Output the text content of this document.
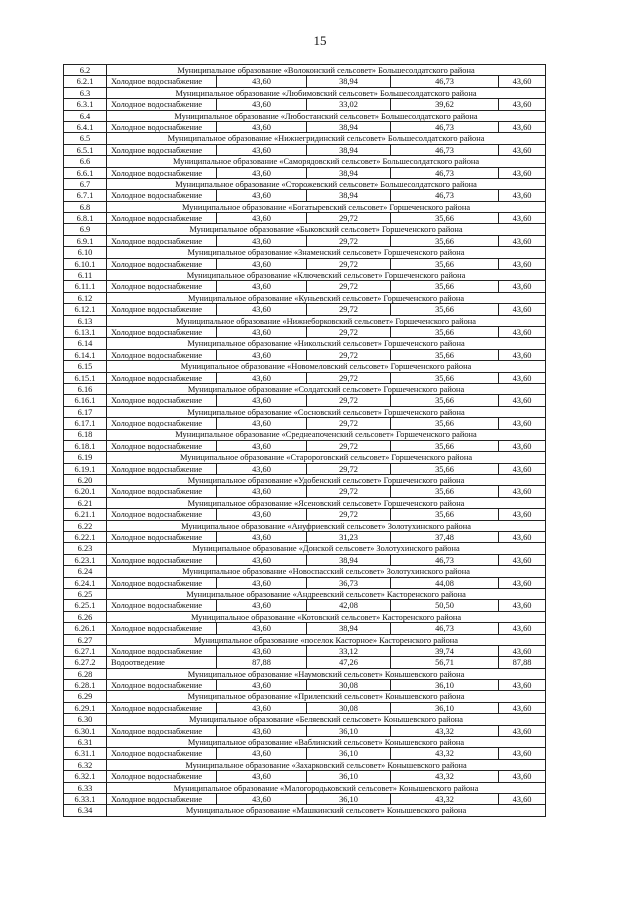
15
6.2	Муниципальное образование «Волоконский сельсовет» Большесолдатского района				
6.2.1	Холодное водоснабжение	43,60	38,94	46,73	43,60
6.3	Муниципальное образование «Любимовский сельсовет» Большесолдатского района				
6.3.1	Холодное водоснабжение	43,60	33,02	39,62	43,60
6.4	Муниципальное образование «Любостанский сельсовет» Большесолдатского района				
6.4.1	Холодное водоснабжение	43,60	38,94	46,73	43,60
6.5	Муниципальное образование «Нижнегридинский сельсовет» Большесолдатского района				
6.5.1	Холодное водоснабжение	43,60	38,94	46,73	43,60
6.6	Муниципальное образование «Саморядовский сельсовет» Большесолдатского района				
6.6.1	Холодное водоснабжение	43,60	38,94	46,73	43,60
6.7	Муниципальное образование «Сторожевский сельсовет» Большесолдатского района				
6.7.1	Холодное водоснабжение	43,60	38,94	46,73	43,60
6.8	Муниципальное образование «Богатыревский сельсовет» Горшеченского района				
6.8.1	Холодное водоснабжение	43,60	29,72	35,66	43,60
6.9	Муниципальное образование «Быковский сельсовет» Горшеченского района				
6.9.1	Холодное водоснабжение	43,60	29,72	35,66	43,60
6.10	Муниципальное образование «Знаменский сельсовет» Горшеченского района				
6.10.1	Холодное водоснабжение	43,60	29,72	35,66	43,60
6.11	Муниципальное образование «Ключевский сельсовет» Горшеченского района				
6.11.1	Холодное водоснабжение	43,60	29,72	35,66	43,60
6.12	Муниципальное образование «Куньевский сельсовет» Горшеченского района				
6.12.1	Холодное водоснабжение	43,60	29,72	35,66	43,60
6.13	Муниципальное образование «Нижнеборковский сельсовет» Горшеченского района				
6.13.1	Холодное водоснабжение	43,60	29,72	35,66	43,60
6.14	Муниципальное образование «Никольский сельсовет» Горшеченского района				
6.14.1	Холодное водоснабжение	43,60	29,72	35,66	43,60
6.15	Муниципальное образование «Новомеловский сельсовет» Горшеченского района				
6.15.1	Холодное водоснабжение	43,60	29,72	35,66	43,60
6.16	Муниципальное образование «Солдатский сельсовет» Горшеченского района				
6.16.1	Холодное водоснабжение	43,60	29,72	35,66	43,60
6.17	Муниципальное образование «Сосновский сельсовет» Горшеченского района				
6.17.1	Холодное водоснабжение	43,60	29,72	35,66	43,60
6.18	Муниципальное образование «Среднеапоченский сельсовет» Горшеченского района				
6.18.1	Холодное водоснабжение	43,60	29,72	35,66	43,60
6.19	Муниципальное образование «Старороговский сельсовет» Горшеченского района				
6.19.1	Холодное водоснабжение	43,60	29,72	35,66	43,60
6.20	Муниципальное образование «Удобенский сельсовет» Горшеченского района				
6.20.1	Холодное водоснабжение	43,60	29,72	35,66	43,60
6.21	Муниципальное образование «Ясеновский сельсовет» Горшеченского района				
6.21.1	Холодное водоснабжение	43,60	29,72	35,66	43,60
6.22	Муниципальное образование «Ануфриевский сельсовет» Золотухинского района				
6.22.1	Холодное водоснабжение	43,60	31,23	37,48	43,60
6.23	Муниципальное образование «Донской сельсовет» Золотухинского района				
6.23.1	Холодное водоснабжение	43,60	38,94	46,73	43,60
6.24	Муниципальное образование «Новоспасский сельсовет» Золотухинского района				
6.24.1	Холодное водоснабжение	43,60	36,73	44,08	43,60
6.25	Муниципальное образование «Андреевский сельсовет» Касторенского района				
6.25.1	Холодное водоснабжение	43,60	42,08	50,50	43,60
6.26	Муниципальное образование «Котовский сельсовет» Касторенского района				
6.26.1	Холодное водоснабжение	43,60	38,94	46,73	43,60
6.27	Муниципальное образование «поселок Касторное» Касторенского района				
6.27.1	Холодное водоснабжение	43,60	33,12	39,74	43,60
6.27.2	Водоотведение	87,88	47,26	56,71	87,88
6.28	Муниципальное образование «Наумовский сельсовет» Конышевского района				
6.28.1	Холодное водоснабжение	43,60	30,08	36,10	43,60
6.29	Муниципальное образование «Прилепский сельсовет» Конышевского района				
6.29.1	Холодное водоснабжение	43,60	30,08	36,10	43,60
6.30	Муниципальное образование «Беляевский сельсовет» Конышевского района				
6.30.1	Холодное водоснабжение	43,60	36,10	43,32	43,60
6.31	Муниципальное образование «Ваблинский сельсовет» Конышевского района				
6.31.1	Холодное водоснабжение	43,60	36,10	43,32	43,60
6.32	Муниципальное образование «Захарковский сельсовет» Конышевского района				
6.32.1	Холодное водоснабжение	43,60	36,10	43,32	43,60
6.33	Муниципальное образование «Малогородьковский сельсовет» Конышевского района				
6.33.1	Холодное водоснабжение	43,60	36,10	43,32	43,60
6.34	Муниципальное образование «Машкинский сельсовет» Конышевского района				
